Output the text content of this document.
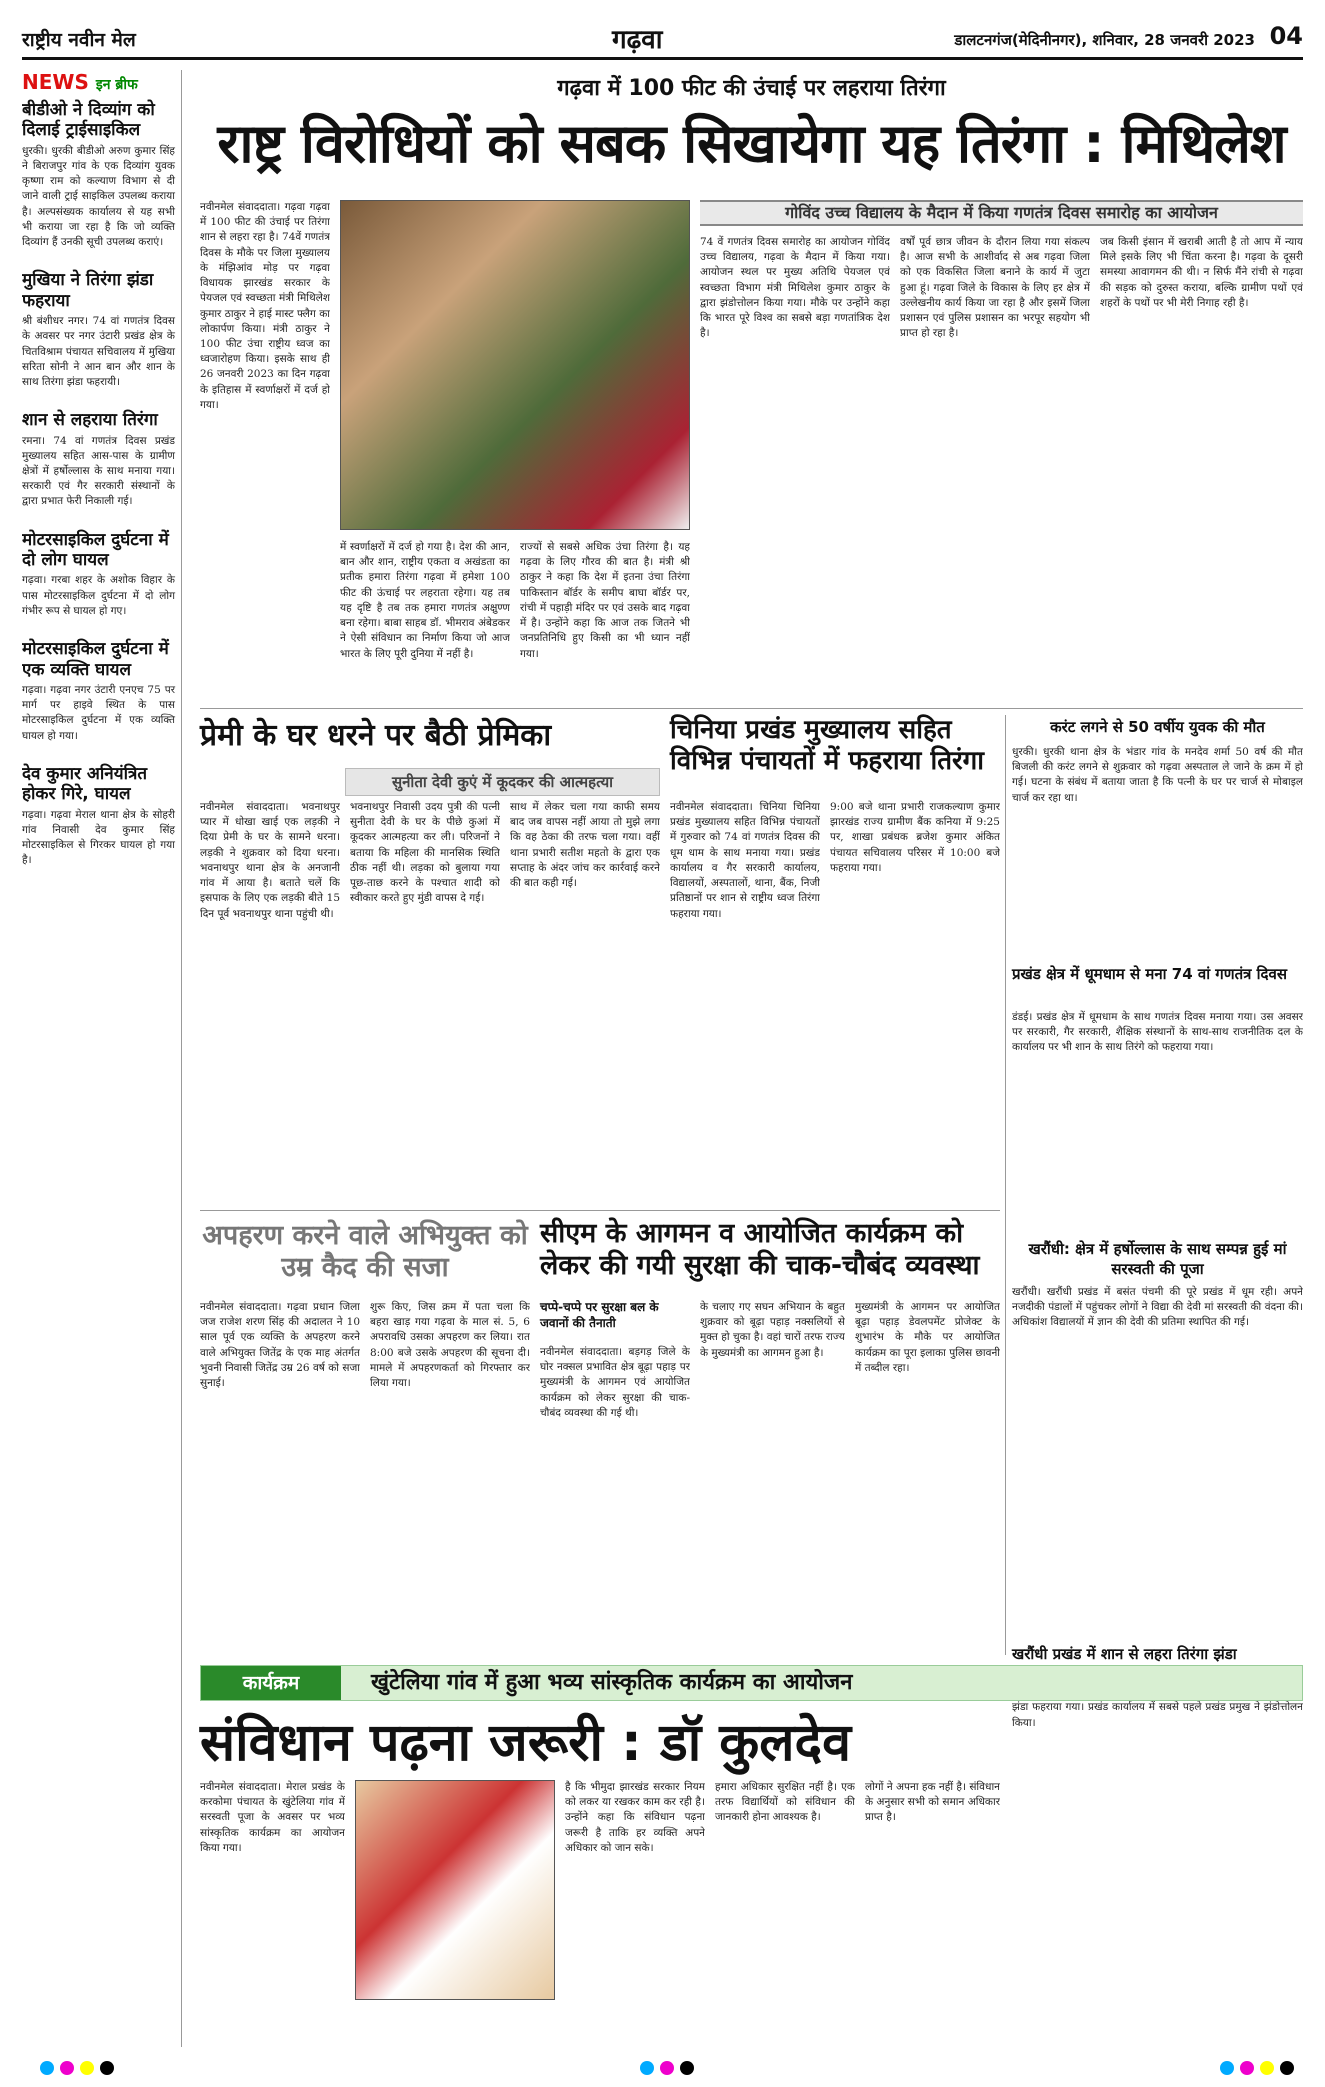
राष्ट्रीय नवीन मेल	गढ़वा	डालटनगंज(मेदिनीनगर), शनिवार, 28 जनवरी 2023 04
NEWS इन ब्रीफ
बीडीओ ने दिव्यांग को दिलाई ट्राईसाइकिल
धुरकी। धुरकी बीडीओ अरुण कुमार सिंह ने बिराजपुर गांव के एक दिव्यांग युवक कृष्णा राम को कल्याण विभाग से दी जाने वाली ट्राई साइकिल उपलब्ध कराया है। अल्पसंख्यक कार्यालय से यह सभी भी कराया जा रहा है कि जो व्यक्ति दिव्यांग हैं उनकी सूची उपलब्ध कराएं।
मुखिया ने तिरंगा झंडा फहराया
श्री बंशीधर नगर। 74 वां गणतंत्र दिवस के अवसर पर नगर उंटारी प्रखंड क्षेत्र के चितविश्राम पंचायत सचिवालय में मुखिया सरिता सोनी ने आन बान और शान के साथ तिरंगा झंडा फहरायी।
शान से लहराया तिरंगा
रमना। 74 वां गणतंत्र दिवस प्रखंड मुख्यालय सहित आस-पास के ग्रामीण क्षेत्रों में हर्षोल्लास के साथ मनाया गया। सरकारी एवं गैर सरकारी संस्थानों के द्वारा प्रभात फेरी निकाली गई।
मोटरसाइकिल दुर्घटना में दो लोग घायल
गढ़वा। गरबा शहर के अशोक विहार के पास मोटरसाइकिल दुर्घटना में दो लोग गंभीर रूप से घायल हो गए।
मोटरसाइकिल दुर्घटना में एक व्यक्ति घायल
गढ़वा। गढ़वा नगर उंटारी एनएच 75 पर मार्ग पर हाइवे स्थित के पास मोटरसाइकिल दुर्घटना में एक व्यक्ति घायल हो गया।
देव कुमार अनियंत्रित होकर गिरे, घायल
गढ़वा। गढ़वा मेराल थाना क्षेत्र के सोहरी गांव निवासी देव कुमार सिंह मोटरसाइकिल से गिरकर घायल हो गया है।
गढ़वा में 100 फीट की उंचाई पर लहराया तिरंगा
राष्ट्र विरोधियों को सबक सिखायेगा यह तिरंगा : मिथिलेश
नवीनमेल संवाददाता। गढ़वा गढ़वा में 100 फीट की उंचाई पर तिरंगा शान से लहरा रहा है। 74वें गणतंत्र दिवस के मौके पर जिला मुख्यालय के मंझिआंव मोड़ पर गढ़वा विधायक झारखंड सरकार के पेयजल एवं स्वच्छता मंत्री मिथिलेश कुमार ठाकुर ने हाई मास्ट फ्लैग का लोकार्पण किया। मंत्री ठाकुर ने 100 फीट उंचा राष्ट्रीय ध्वज का ध्वजारोहण किया। इसके साथ ही 26 जनवरी 2023 का दिन गढ़वा के इतिहास में स्वर्णाक्षरों में दर्ज हो गया।
में स्वर्णाक्षरों में दर्ज हो गया है। देश की आन, बान और शान, राष्ट्रीय एकता व अखंडता का प्रतीक हमारा तिरंगा गढ़वा में हमेशा 100 फीट की ऊंचाई पर लहराता रहेगा। यह तब यह दृष्टि है तब तक हमारा गणतंत्र अक्षुण्ण बना रहेगा। बाबा साहब डॉ. भीमराव अंबेडकर ने ऐसी संविधान का निर्माण किया जो आज भारत के लिए पूरी दुनिया में नहीं है।
राज्यों से सबसे अधिक उंचा तिरंगा है। यह गढ़वा के लिए गौरव की बात है। मंत्री श्री ठाकुर ने कहा कि देश में इतना उंचा तिरंगा पाकिस्तान बॉर्डर के समीप बाघा बॉर्डर पर, रांची में पहाड़ी मंदिर पर एवं उसके बाद गढ़वा में है। उन्होंने कहा कि आज तक जितने भी जनप्रतिनिधि हुए किसी का भी ध्यान नहीं गया।
गोविंद उच्च विद्यालय के मैदान में किया गणतंत्र दिवस समारोह का आयोजन
74 वें गणतंत्र दिवस समारोह का आयोजन गोविंद उच्च विद्यालय, गढ़वा के मैदान में किया गया। आयोजन स्थल पर मुख्य अतिथि पेयजल एवं स्वच्छता विभाग मंत्री मिथिलेश कुमार ठाकुर के द्वारा झंडोत्तोलन किया गया। मौके पर उन्होंने कहा कि भारत पूरे विश्व का सबसे बड़ा गणतांत्रिक देश है।
वर्षों पूर्व छात्र जीवन के दौरान लिया गया संकल्प है। आज सभी के आशीर्वाद से अब गढ़वा जिला को एक विकसित जिला बनाने के कार्य में जुटा हुआ हूं। गढ़वा जिले के विकास के लिए हर क्षेत्र में उल्लेखनीय कार्य किया जा रहा है और इसमें जिला प्रशासन एवं पुलिस प्रशासन का भरपूर सहयोग भी प्राप्त हो रहा है।
जब किसी इंसान में खराबी आती है तो आप में न्याय मिले इसके लिए भी चिंता करना है। गढ़वा के दूसरी समस्या आवागमन की थी। न सिर्फ मैंने रांची से गढ़वा की सड़क को दुरुस्त कराया, बल्कि ग्रामीण पथों एवं शहरों के पथों पर भी मेरी निगाह रही है।
प्रेमी के घर धरने पर बैठी प्रेमिका
सुनीता देवी कुएं में कूदकर की आत्महत्या
नवीनमेल संवाददाता। भवनाथपुर प्यार में धोखा खाई एक लड़की ने दिया प्रेमी के घर के सामने धरना। लड़की ने शुक्रवार को दिया धरना। भवनाथपुर थाना क्षेत्र के अनजानी गांव में आया है। बताते चलें कि इसपाक के लिए एक लड़की बीते 15 दिन पूर्व भवनाथपुर थाना पहुंची थी।
भवनाथपुर निवासी उदय पुत्री की पत्नी सुनीता देवी के घर के पीछे कुआं में कूदकर आत्महत्या कर ली। परिजनों ने बताया कि महिला की मानसिक स्थिति ठीक नहीं थी। लड़का को बुलाया गया पूछ-ताछ करने के पश्चात शादी को स्वीकार करते हुए मुंडी वापस दे गई।
साथ में लेकर चला गया काफी समय बाद जब वापस नहीं आया तो मुझे लगा कि वह ठेका की तरफ चला गया। वहीं थाना प्रभारी सतीश महतो के द्वारा एक सप्ताह के अंदर जांच कर कार्रवाई करने की बात कही गई।
चिनिया प्रखंड मुख्यालय सहित विभिन्न पंचायतों में फहराया तिरंगा
नवीनमेल संवाददाता। चिनिया चिनिया प्रखंड मुख्यालय सहित विभिन्न पंचायतों में गुरुवार को 74 वां गणतंत्र दिवस की धूम धाम के साथ मनाया गया। प्रखंड कार्यालय व गैर सरकारी कार्यालय, विद्यालयों, अस्पतालों, थाना, बैंक, निजी प्रतिष्ठानों पर शान से राष्ट्रीय ध्वज तिरंगा फहराया गया।
9:00 बजे थाना प्रभारी राजकल्याण कुमार झारखंड राज्य ग्रामीण बैंक कनिया में 9:25 पर, शाखा प्रबंधक ब्रजेश कुमार अंकित पंचायत सचिवालय परिसर में 10:00 बजे फहराया गया।
करंट लगने से 50 वर्षीय युवक की मौत
धुरकी। धुरकी थाना क्षेत्र के भंडार गांव के मनदेव शर्मा 50 वर्ष की मौत बिजली की करंट लगने से शुक्रवार को गढ़वा अस्पताल ले जाने के क्रम में हो गई। घटना के संबंध में बताया जाता है कि पत्नी के घर पर चार्ज से मोबाइल चार्ज कर रहा था।
प्रखंड क्षेत्र में धूमधाम से मना 74 वां गणतंत्र दिवस
डंडई। प्रखंड क्षेत्र में धूमधाम के साथ गणतंत्र दिवस मनाया गया। उस अवसर पर सरकारी, गैर सरकारी, शैक्षिक संस्थानों के साथ-साथ राजनीतिक दल के कार्यालय पर भी शान के साथ तिरंगे को फहराया गया।
खरौंधी: क्षेत्र में हर्षोल्लास के साथ सम्पन्न हुई मां सरस्वती की पूजा
खरौंधी। खरौंधी प्रखंड में बसंत पंचमी की पूरे प्रखंड में धूम रही। अपने नजदीकी पंडालों में पहुंचकर लोगों ने विद्या की देवी मां सरस्वती की वंदना की। अधिकांश विद्यालयों में ज्ञान की देवी की प्रतिमा स्थापित की गई।
खरौंधी प्रखंड में शान से लहरा तिरंगा झंडा
झंडा फहराया गया। प्रखंड कार्यालय में सबसे पहले प्रखंड प्रमुख ने झंडोत्तोलन किया।
अपहरण करने वाले अभियुक्त को उम्र कैद की सजा
नवीनमेल संवाददाता। गढ़वा प्रधान जिला जज राजेश शरण सिंह की अदालत ने 10 साल पूर्व एक व्यक्ति के अपहरण करने वाले अभियुक्त जितेंद्र के एक माह अंतर्गत भुवनी निवासी जितेंद्र उम्र 26 वर्ष को सजा सुनाई।
शुरू किए, जिस क्रम में पता चला कि बहरा खाड़ गया गढ़वा के माल सं. 5, 6 अपरावधि उसका अपहरण कर लिया। रात 8:00 बजे उसके अपहरण की सूचना दी। मामले में अपहरणकर्ता को गिरफ्तार कर लिया गया।
सीएम के आगमन व आयोजित कार्यक्रम को लेकर की गयी सुरक्षा की चाक-चौबंद व्यवस्था
चप्पे-चप्पे पर सुरक्षा बल के जवानों की तैनाती
नवीनमेल संवाददाता। बड़गड़ जिले के घोर नक्सल प्रभावित क्षेत्र बूढ़ा पहाड़ पर मुख्यमंत्री के आगमन एवं आयोजित कार्यक्रम को लेकर सुरक्षा की चाक-चौबंद व्यवस्था की गई थी।
के चलाए गए सघन अभियान के बहुत शुक्रवार को बूढ़ा पहाड़ नक्सलियों से मुक्त हो चुका है। वहां चारों तरफ राज्य के मुख्यमंत्री का आगमन हुआ है।
मुख्यमंत्री के आगमन पर आयोजित बूढ़ा पहाड़ डेवलपमेंट प्रोजेक्ट के शुभारंभ के मौके पर आयोजित कार्यक्रम का पूरा इलाका पुलिस छावनी में तब्दील रहा।
कार्यक्रम	खुंटेलिया गांव में हुआ भव्य सांस्कृतिक कार्यक्रम का आयोजन
संविधान पढ़ना जरूरी : डॉ कुलदेव
नवीनमेल संवाददाता। मेराल प्रखंड के करकोमा पंचायत के खुंटेलिया गांव में सरस्वती पूजा के अवसर पर भव्य सांस्कृतिक कार्यक्रम का आयोजन किया गया।
है कि भीमुदा झारखंड सरकार नियम को लकर या रखकर काम कर रही है। उन्होंने कहा कि संविधान पढ़ना जरूरी है ताकि हर व्यक्ति अपने अधिकार को जान सके।
हमारा अधिकार सुरक्षित नहीं है। एक तरफ विद्यार्थियों को संविधान की जानकारी होना आवश्यक है।
लोगों ने अपना हक नहीं है। संविधान के अनुसार सभी को समान अधिकार प्राप्त है।
